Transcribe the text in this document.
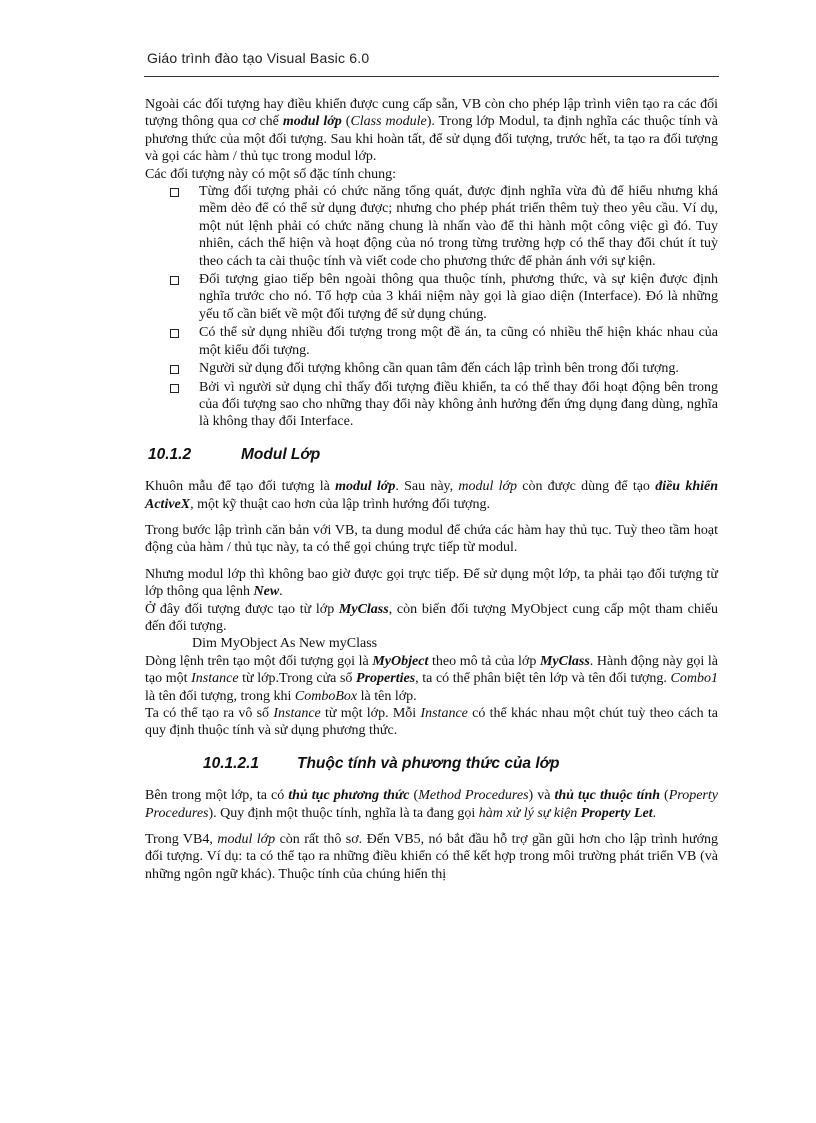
Giáo trình đào tạo Visual Basic 6.0

Ngoài các đối tượng hay điều khiển được cung cấp sẵn, VB còn cho phép lập trình viên tạo ra các đối tượng thông qua cơ chế modul lớp (Class module). Trong lớp Modul, ta định nghĩa các thuộc tính và phương thức của một đối tượng. Sau khi hoàn tất, để sử dụng đối tượng, trước hết, ta tạo ra đối tượng và gọi các hàm / thủ tục trong modul lớp.

Các đối tượng này có một số đặc tính chung:

Từng đối tượng phải có chức năng tổng quát, được định nghĩa vừa đủ để hiểu nhưng khá mềm dẻo để có thể sử dụng được; nhưng cho phép phát triển thêm tuỳ theo yêu cầu. Ví dụ, một nút lệnh phải có chức năng chung là nhấn vào để thi hành một công việc gì đó. Tuy nhiên, cách thể hiện và hoạt động của nó trong từng trường hợp có thể thay đổi chút ít tuỳ theo cách ta cài thuộc tính và viết code cho phương thức để phản ánh với sự kiện.
Đối tượng giao tiếp bên ngoài thông qua thuộc tính, phương thức, và sự kiện được định nghĩa trước cho nó. Tổ hợp của 3 khái niệm này gọi là giao diện (Interface). Đó là những yếu tố cần biết về một đối tượng để sử dụng chúng.
Có thể sử dụng nhiều đối tượng trong một đề án, ta cũng có nhiều thể hiện khác nhau của một kiểu đối tượng.
Người sử dụng đối tượng không cần quan tâm đến cách lập trình bên trong đối tượng.
Bởi vì người sử dụng chỉ thấy đối tượng điều khiển, ta có thể thay đổi hoạt động bên trong của đối tượng sao cho những thay đổi này không ảnh hưởng đến ứng dụng đang dùng, nghĩa là không thay đổi Interface.
10.1.2	Modul Lớp

Khuôn mẫu để tạo đối tượng là modul lớp. Sau này, modul lớp còn được dùng để tạo điều khiển ActiveX, một kỹ thuật cao hơn của lập trình hướng đối tượng.

Trong bước lập trình căn bản với VB, ta dung modul để chứa các hàm hay thủ tục. Tuỳ theo tầm hoạt động của hàm / thủ tục này, ta có thể gọi chúng trực tiếp từ modul.

Nhưng modul lớp thì không bao giờ được gọi trực tiếp. Để sử dụng một lớp, ta phải tạo đối tượng từ lớp thông qua lệnh New.

Ở đây đối tượng được tạo từ lớp MyClass, còn biến đối tượng MyObject cung cấp một tham chiếu đến đối tượng.

Dim MyObject As New myClass

Dòng lệnh trên tạo một đối tượng gọi là MyObject theo mô tả của lớp MyClass. Hành động này gọi là tạo một Instance từ lớp.Trong cửa sổ Properties, ta có thể phân biệt tên lớp và tên đối tượng. Combo1 là tên đối tượng, trong khi ComboBox là tên lớp.

Ta có thể tạo ra vô số Instance từ một lớp. Mỗi Instance có thể khác nhau một chút tuỳ theo cách ta quy định thuộc tính và sử dụng phương thức.

10.1.2.1 Thuộc tính và phương thức của lớp

Bên trong một lớp, ta có thủ tục phương thức (Method Procedures) và thủ tục thuộc tính (Property Procedures). Quy định một thuộc tính, nghĩa là ta đang gọi hàm xử lý sự kiện Property Let.

Trong VB4, modul lớp còn rất thô sơ. Đến VB5, nó bắt đầu hỗ trợ gần gũi hơn cho lập trình hướng đối tượng. Ví dụ: ta có thể tạo ra những điều khiển có thể kết hợp trong môi trường phát triển VB (và những ngôn ngữ khác). Thuộc tính của chúng hiển thị
